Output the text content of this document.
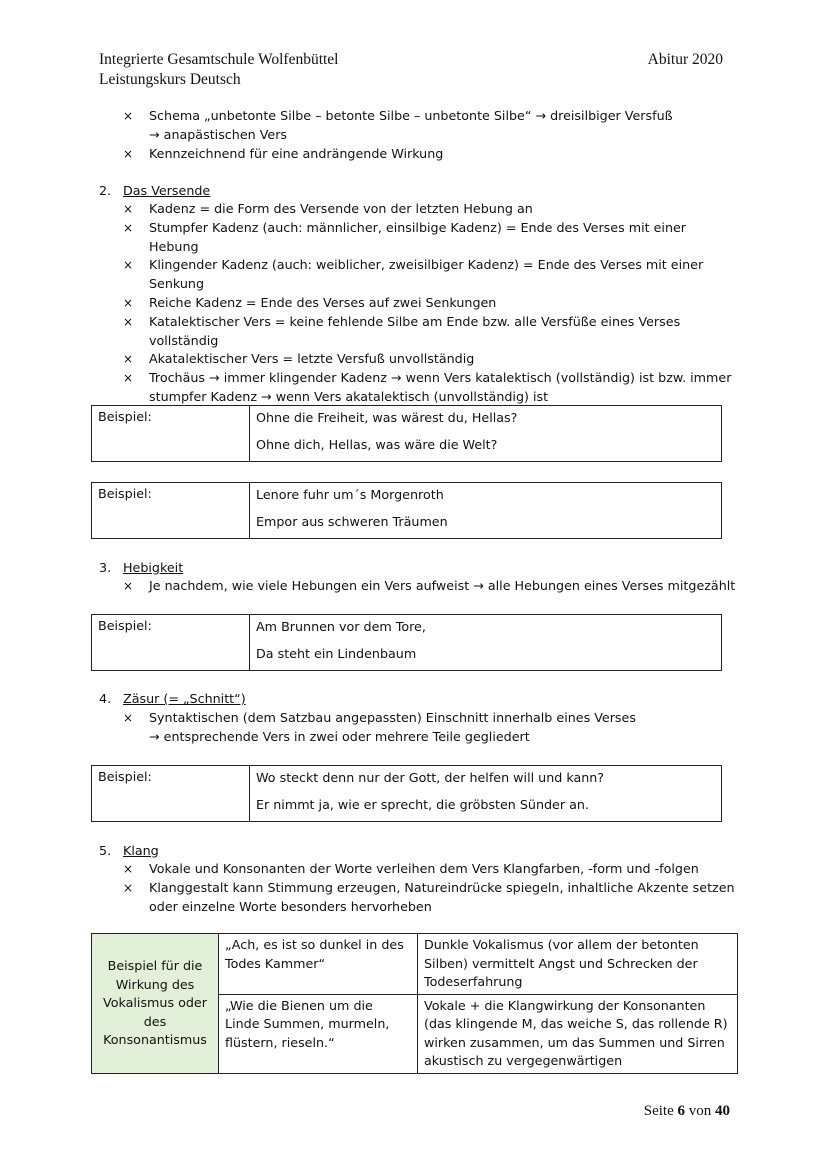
Integrierte Gesamtschule Wolfenbüttel
Leistungskurs Deutsch
Abitur 2020
× Schema „unbetonte Silbe – betonte Silbe – unbetonte Silbe“ → dreisilbiger Versfuß
→ anapästischen Vers
× Kennzeichnend für eine andrängende Wirkung
2. Das Versende
× Kadenz = die Form des Versende von der letzten Hebung an
× Stumpfer Kadenz (auch: männlicher, einsilbige Kadenz) = Ende des Verses mit einer Hebung
× Klingender Kadenz (auch: weiblicher, zweisilbiger Kadenz) = Ende des Verses mit einer
Senkung
× Reiche Kadenz = Ende des Verses auf zwei Senkungen
× Katalektischer Vers = keine fehlende Silbe am Ende bzw. alle Versfüße eines Verses
vollständig
× Akatalektischer Vers = letzte Versfuß unvollständig
× Trochäus → immer klingender Kadenz → wenn Vers katalektisch (vollständig) ist bzw. immer
stumpfer Kadenz → wenn Vers akatalektisch (unvollständig) ist
Beispiel:	Ohne die Freiheit, was wärest du, Hellas?
Ohne dich, Hellas, was wäre die Welt?
Beispiel:	Lenore fuhr um´s Morgenroth
Empor aus schweren Träumen
3. Hebigkeit
× Je nachdem, wie viele Hebungen ein Vers aufweist → alle Hebungen eines Verses mitgezählt
Beispiel:	Am Brunnen vor dem Tore,
Da steht ein Lindenbaum
4. Zäsur (= „Schnitt“)
× Syntaktischen (dem Satzbau angepassten) Einschnitt innerhalb eines Verses
→ entsprechende Vers in zwei oder mehrere Teile gegliedert
Beispiel:	Wo steckt denn nur der Gott, der helfen will und kann?
Er nimmt ja, wie er sprecht, die gröbsten Sünder an.
5. Klang
× Vokale und Konsonanten der Worte verleihen dem Vers Klangfarben, -form und -folgen
× Klanggestalt kann Stimmung erzeugen, Natureindrücke spiegeln, inhaltliche Akzente setzen
oder einzelne Worte besonders hervorheben
Beispiel für die Wirkung des Vokalismus oder des Konsonantismus	„Ach, es ist so dunkel in des Todes Kammer“	Dunkle Vokalismus (vor allem der betonten Silben) vermittelt Angst und Schrecken der Todeserfahrung
	„Wie die Bienen um die Linde Summen, murmeln, flüstern, rieseln.“	Vokale + die Klangwirkung der Konsonanten (das klingende M, das weiche S, das rollende R) wirken zusammen, um das Summen und Sirren akustisch zu vergegenwärtigen
Seite 6 von 40
